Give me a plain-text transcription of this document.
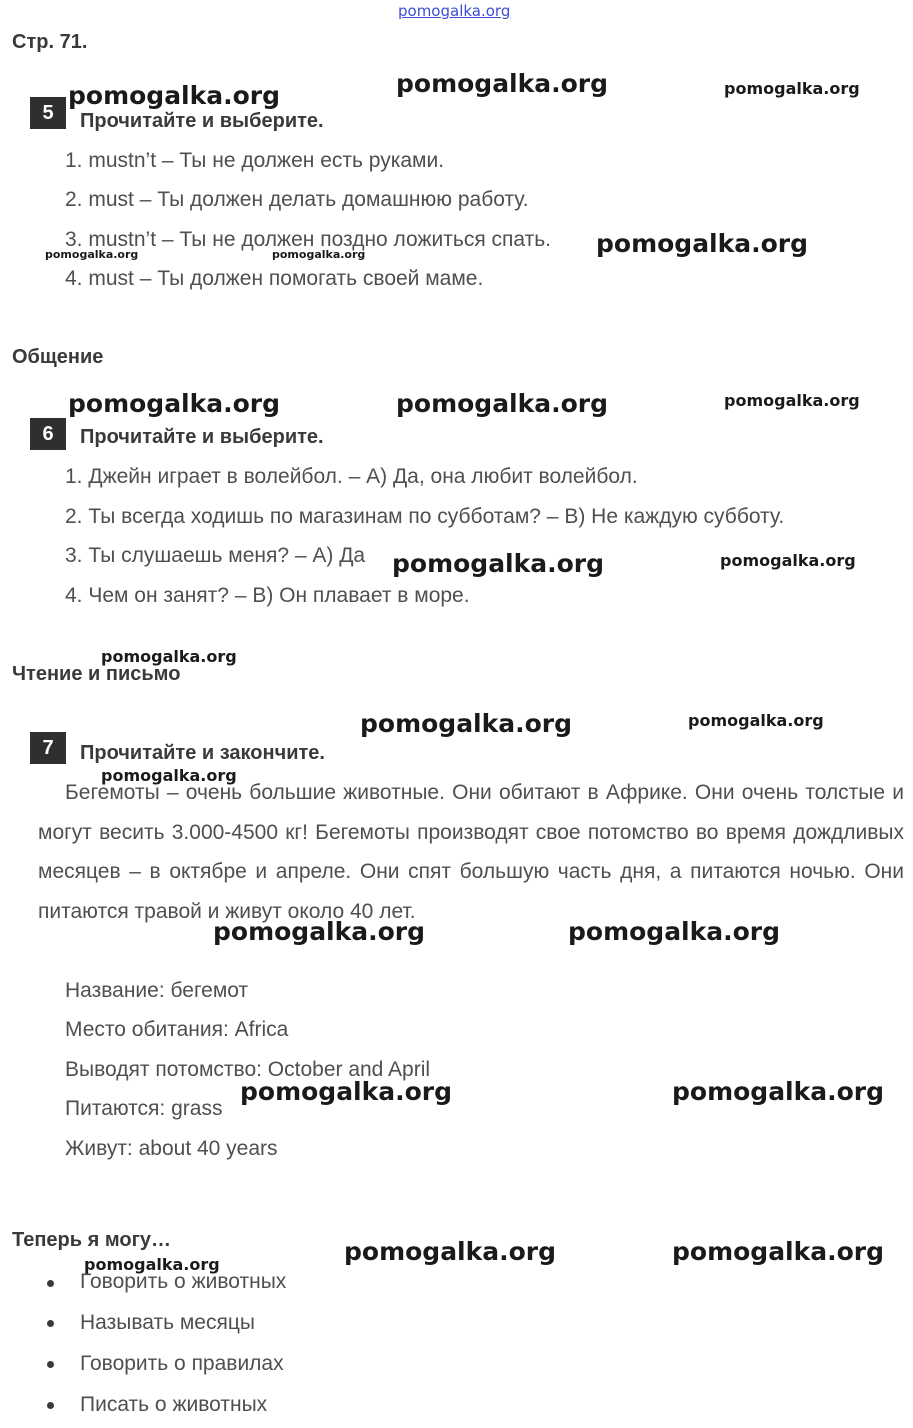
pomogalka.org
Стр. 71.
5	Прочитайте и выберите.
1. mustn’t – Ты не должен есть руками.
2. must – Ты должен делать домашнюю работу.
3. mustn’t – Ты не должен поздно ложиться спать.
4. must – Ты должен помогать своей маме.
Общение
6	Прочитайте и выберите.
1. Джейн играет в волейбол. – A) Да, она любит волейбол.
2. Ты всегда ходишь по магазинам по субботам? – B) Не каждую субботу.
3. Ты слушаешь меня? – A) Да
4. Чем он занят? – B) Он плавает в море.
Чтение и письмо
7	Прочитайте и закончите.
Бегемоты – очень большие животные. Они обитают в Африке. Они очень толстые и могут весить 3.000-4500 кг! Бегемоты производят свое потомство во время дождливых месяцев – в октябре и апреле. Они спят большую часть дня, а питаются ночью. Они питаются травой и живут около 40 лет.
Название: бегемот
Место обитания: Africa
Выводят потомство: October and April
Питаются: grass
Живут: about 40 years
Теперь я могу…
Говорить о животных
Называть месяцы
Говорить о правилах
Писать о животных
pomogalka.org	pomogalka.org	pomogalka.org
pomogalka.org
pomogalka.org	pomogalka.org
pomogalka.org	pomogalka.org	pomogalka.org
pomogalka.org	pomogalka.org
pomogalka.org
pomogalka.org	pomogalka.org
pomogalka.org
pomogalka.org	pomogalka.org
pomogalka.org	pomogalka.org
pomogalka.org	pomogalka.org
pomogalka.org
